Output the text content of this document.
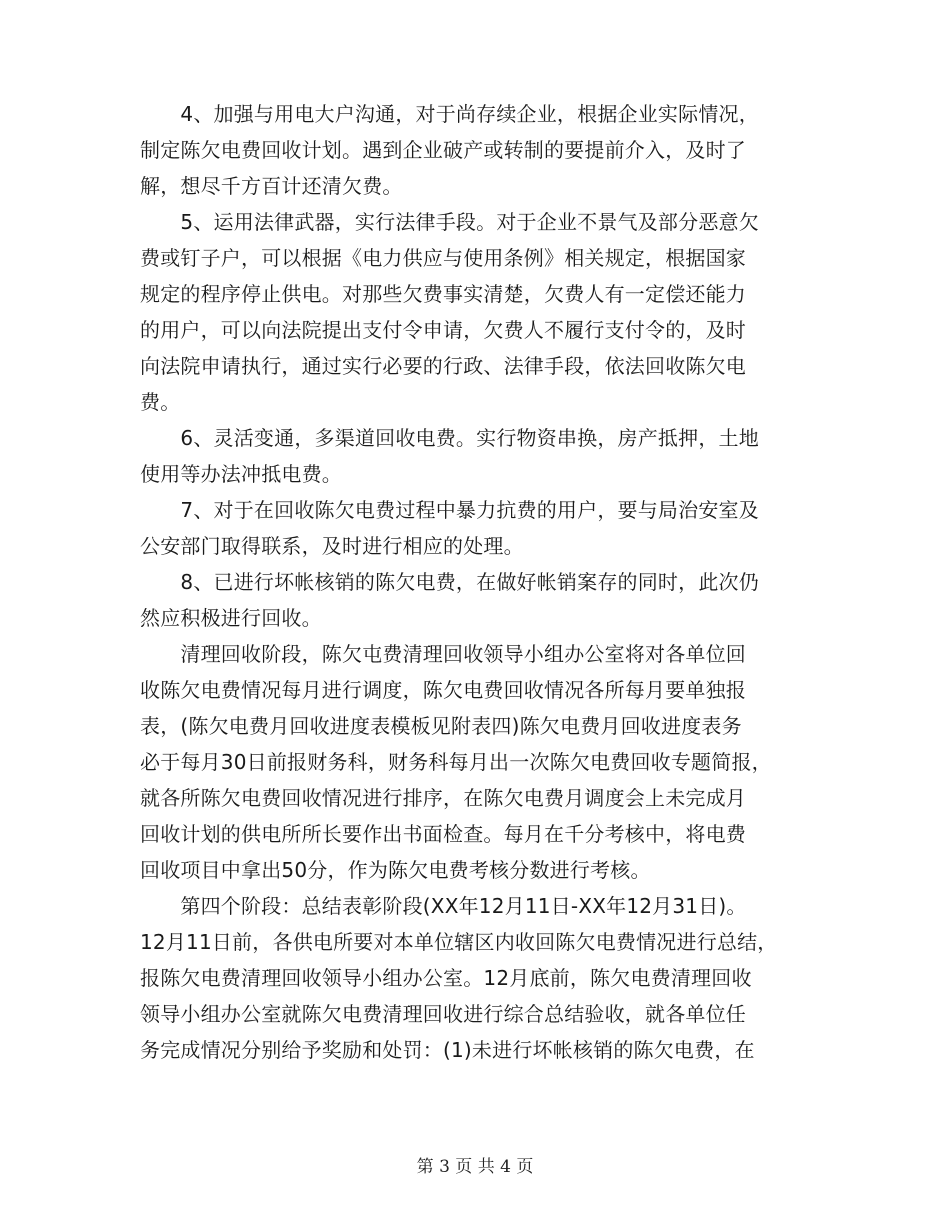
　　4、加强与用电大户沟通，对于尚存续企业，根据企业实际情况，
制定陈欠电费回收计划。遇到企业破产或转制的要提前介入，及时了
解，想尽千方百计还清欠费。
　　5、运用法律武器，实行法律手段。对于企业不景气及部分恶意欠
费或钉子户，可以根据《电力供应与使用条例》相关规定，根据国家
规定的程序停止供电。对那些欠费事实清楚，欠费人有一定偿还能力
的用户，可以向法院提出支付令申请，欠费人不履行支付令的，及时
向法院申请执行，通过实行必要的行政、法律手段，依法回收陈欠电
费。
　　6、灵活变通，多渠道回收电费。实行物资串换，房产抵押，土地
使用等办法冲抵电费。
　　7、对于在回收陈欠电费过程中暴力抗费的用户，要与局治安室及
公安部门取得联系，及时进行相应的处理。
　　8、已进行坏帐核销的陈欠电费，在做好帐销案存的同时，此次仍
然应积极进行回收。
　　清理回收阶段，陈欠屯费清理回收领导小组办公室将对各单位回
收陈欠电费情况每月进行调度，陈欠电费回收情况各所每月要单独报
表，(陈欠电费月回收进度表模板见附表四)陈欠电费月回收进度表务
必于每月30日前报财务科，财务科每月出一次陈欠电费回收专题简报，
就各所陈欠电费回收情况进行排序，在陈欠电费月调度会上未完成月
回收计划的供电所所长要作出书面检查。每月在千分考核中，将电费
回收项目中拿出50分，作为陈欠电费考核分数进行考核。
　　第四个阶段：总结表彰阶段(XX年12月11日-XX年12月31日)。
12月11日前，各供电所要对本单位辖区内收回陈欠电费情况进行总结，
报陈欠电费清理回收领导小组办公室。12月底前，陈欠电费清理回收
领导小组办公室就陈欠电费清理回收进行综合总结验收，就各单位任
务完成情况分别给予奖励和处罚：(1)未进行坏帐核销的陈欠电费，在
第 3 页 共 4 页
